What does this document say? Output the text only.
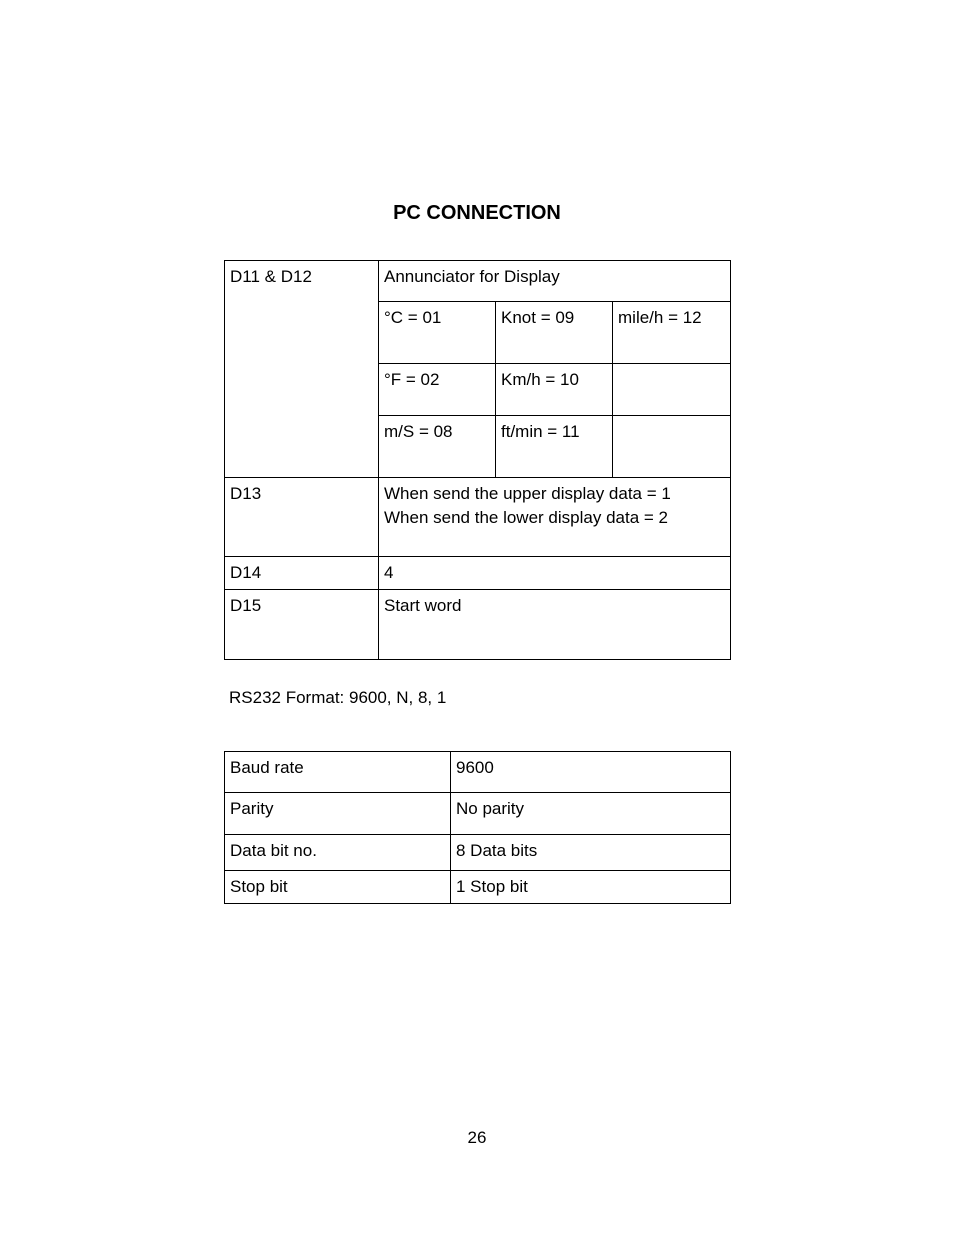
PC CONNECTION
D11 & D12	Annunciator for Display		
	°C = 01	Knot = 09	mile/h = 12
	°F = 02	Km/h = 10	
	m/S = 08	ft/min = 11	
D13	When send the upper display data = 1
When send the lower display data = 2		

D14	4		
D15	Start word		
RS232 Format: 9600, N, 8, 1
Baud rate	9600
Parity	No parity
Data bit no.	8 Data bits
Stop bit	1 Stop bit
26
